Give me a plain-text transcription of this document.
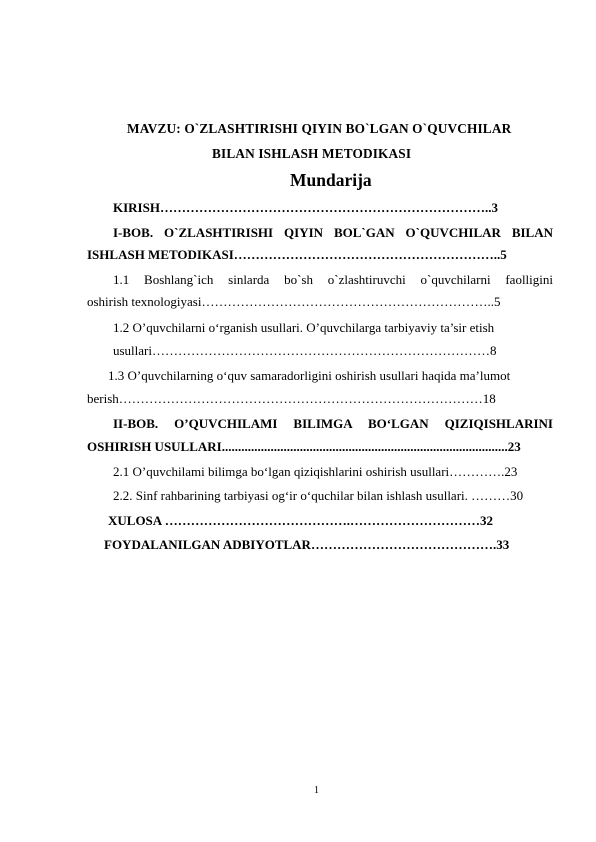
MAVZU: O`ZLASHTIRISHI QIYIN BO`LGAN O`QUVCHILAR
BILAN ISHLASH METODIKASI
Mundarija
KIRISH…………………………………………………………………..3
I-BOB. O`ZLASHTIRISHI QIYIN BOL`GAN O`QUVCHILAR BILAN
ISHLASH METODIKASI……………………………………………………..5
1.1 Boshlang`ich sinlarda bo`sh o`zlashtiruvchi o`quvchilarni faolligini
oshirish texnologiyasi…………………………………………………………..5
1.2 O’quvchilarni o‘rganish usullari. O’quvchilarga tarbiyaviy ta’sir etish
usullari……………………………………………………………………8
1.3 O’quvchilarning o‘quv samaradorligini oshirish usullari haqida ma’lumot
berish…………………………………………………………………………18
II-BOB. O’QUVCHILAMI BILIMGA BO‘LGAN QIZIQISHLARINI
OSHIRISH USULLARI........................................................................................23
2.1 O’quvchilami bilimga bo‘lgan qiziqishlarini oshirish usullari………….23
2.2. Sinf rahbarining tarbiyasi og‘ir o‘quchilar bilan ishlash usullari. ………30
XULOSA …………………………………….…………………………32
FOYDALANILGAN ADBIYOTLAR…………………………………….33
1
